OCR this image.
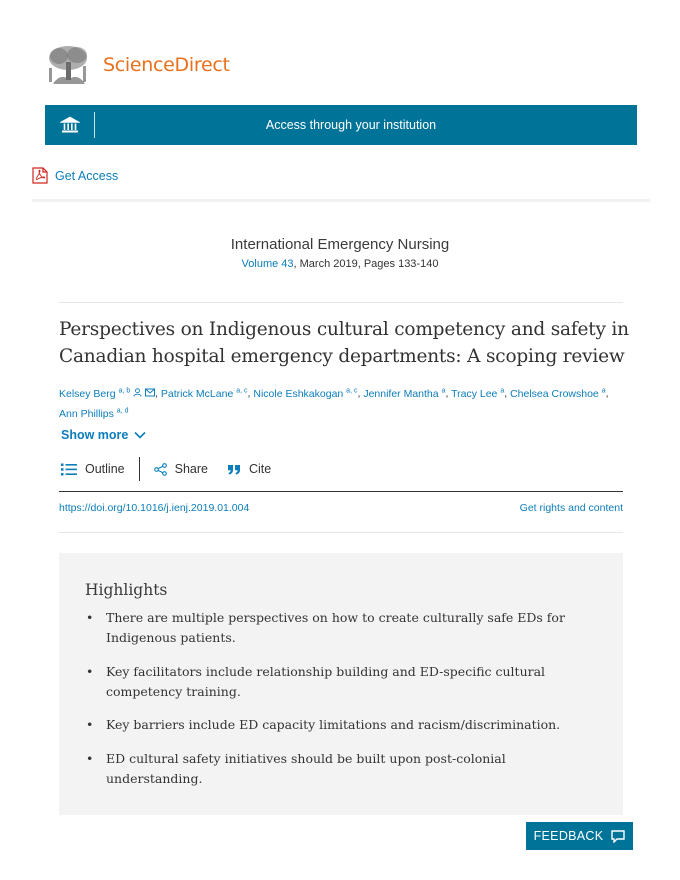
ScienceDirect
Access through your institution
Get Access
International Emergency Nursing
Volume 43, March 2019, Pages 133-140
Perspectives on Indigenous cultural competency and safety in Canadian hospital emergency departments: A scoping review
Kelsey Berg $^{a, b}$ , Patrick McLane $^{a, c}$, Nicole Eshkakogan $^{a, c}$, Jennifer Mantha $^a$, Tracy Lee $^a$, Chelsea Crowshoe $^a$, Ann Phillips $^{a, d}$
Show more
Outline	Share	Cite
https://doi.org/10.1016/j.ienj.2019.01.004	Get rights and content
Highlights
• There are multiple perspectives on how to create culturally safe EDs for Indigenous patients.
• Key facilitators include relationship building and ED-specific cultural competency training.
• Key barriers include ED capacity limitations and racism/discrimination.
• ED cultural safety initiatives should be built upon post-colonial understanding.
FEEDBACK
